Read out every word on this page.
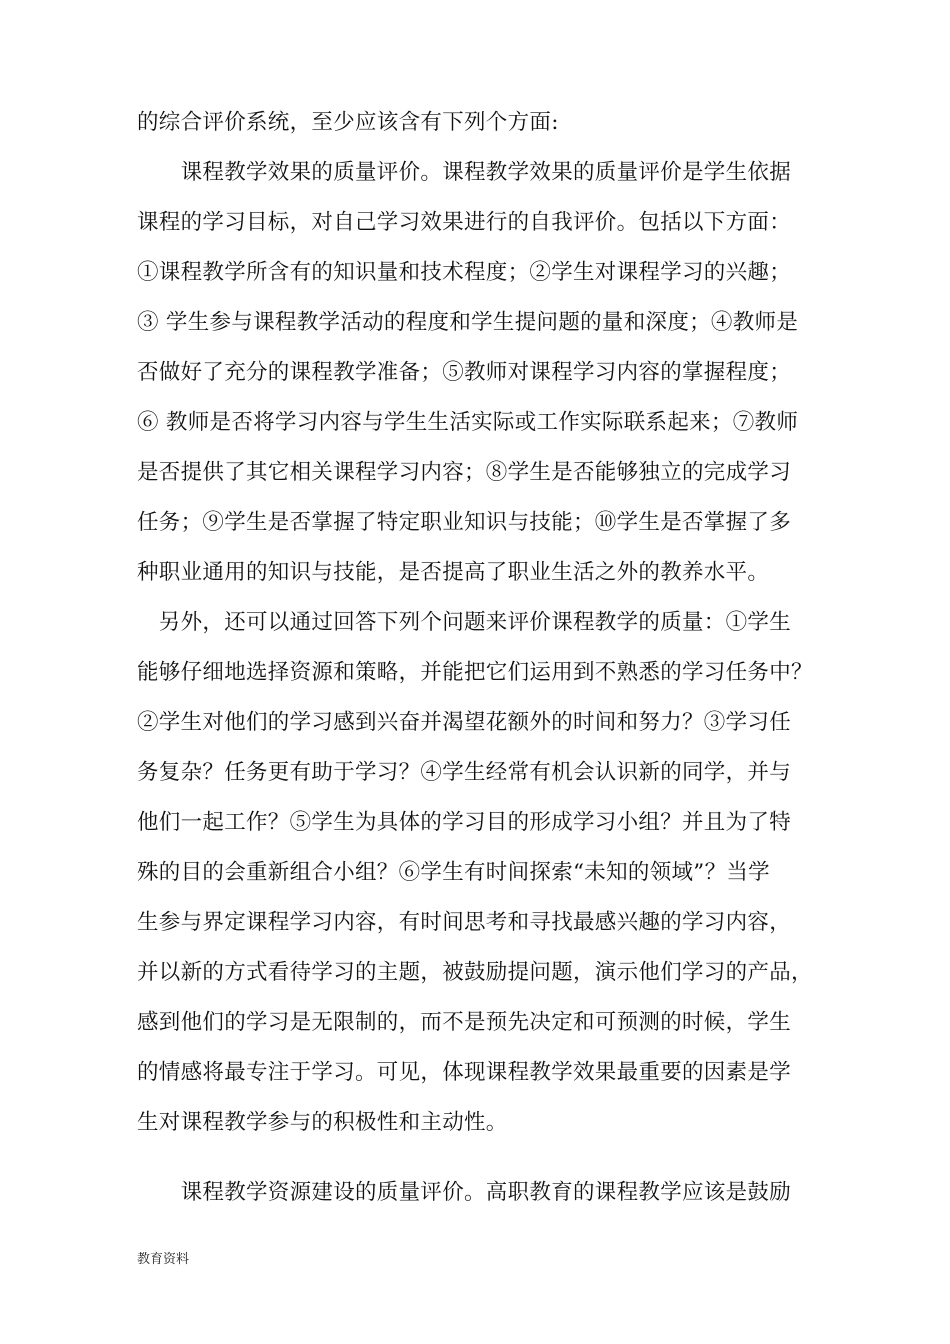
的综合评价系统，至少应该含有下列个方面:
　　课程教学效果的质量评价。课程教学效果的质量评价是学生依据
课程的学习目标，对自己学习效果进行的自我评价。包括以下方面：
①课程教学所含有的知识量和技术程度；②学生对课程学习的兴趣；
③ 学生参与课程教学活动的程度和学生提问题的量和深度；④教师是
否做好了充分的课程教学准备；⑤教师对课程学习内容的掌握程度；
⑥ 教师是否将学习内容与学生生活实际或工作实际联系起来；⑦教师
是否提供了其它相关课程学习内容；⑧学生是否能够独立的完成学习
任务；⑨学生是否掌握了特定职业知识与技能；⑩学生是否掌握了多
种职业通用的知识与技能，是否提高了职业生活之外的教养水平。
　另外，还可以通过回答下列个问题来评价课程教学的质量：①学生
能够仔细地选择资源和策略，并能把它们运用到不熟悉的学习任务中？
②学生对他们的学习感到兴奋并渴望花额外的时间和努力？③学习任
务复杂？任务更有助于学习？④学生经常有机会认识新的同学，并与
他们一起工作？⑤学生为具体的学习目的形成学习小组？并且为了特
殊的目的会重新组合小组？⑥学生有时间探索“未知的领域”？当学
生参与界定课程学习内容，有时间思考和寻找最感兴趣的学习内容，
并以新的方式看待学习的主题，被鼓励提问题，演示他们学习的产品，
感到他们的学习是无限制的，而不是预先决定和可预测的时候，学生
的情感将最专注于学习。可见，体现课程教学效果最重要的因素是学
生对课程教学参与的积极性和主动性。
　　课程教学资源建设的质量评价。高职教育的课程教学应该是鼓励
教育资料
